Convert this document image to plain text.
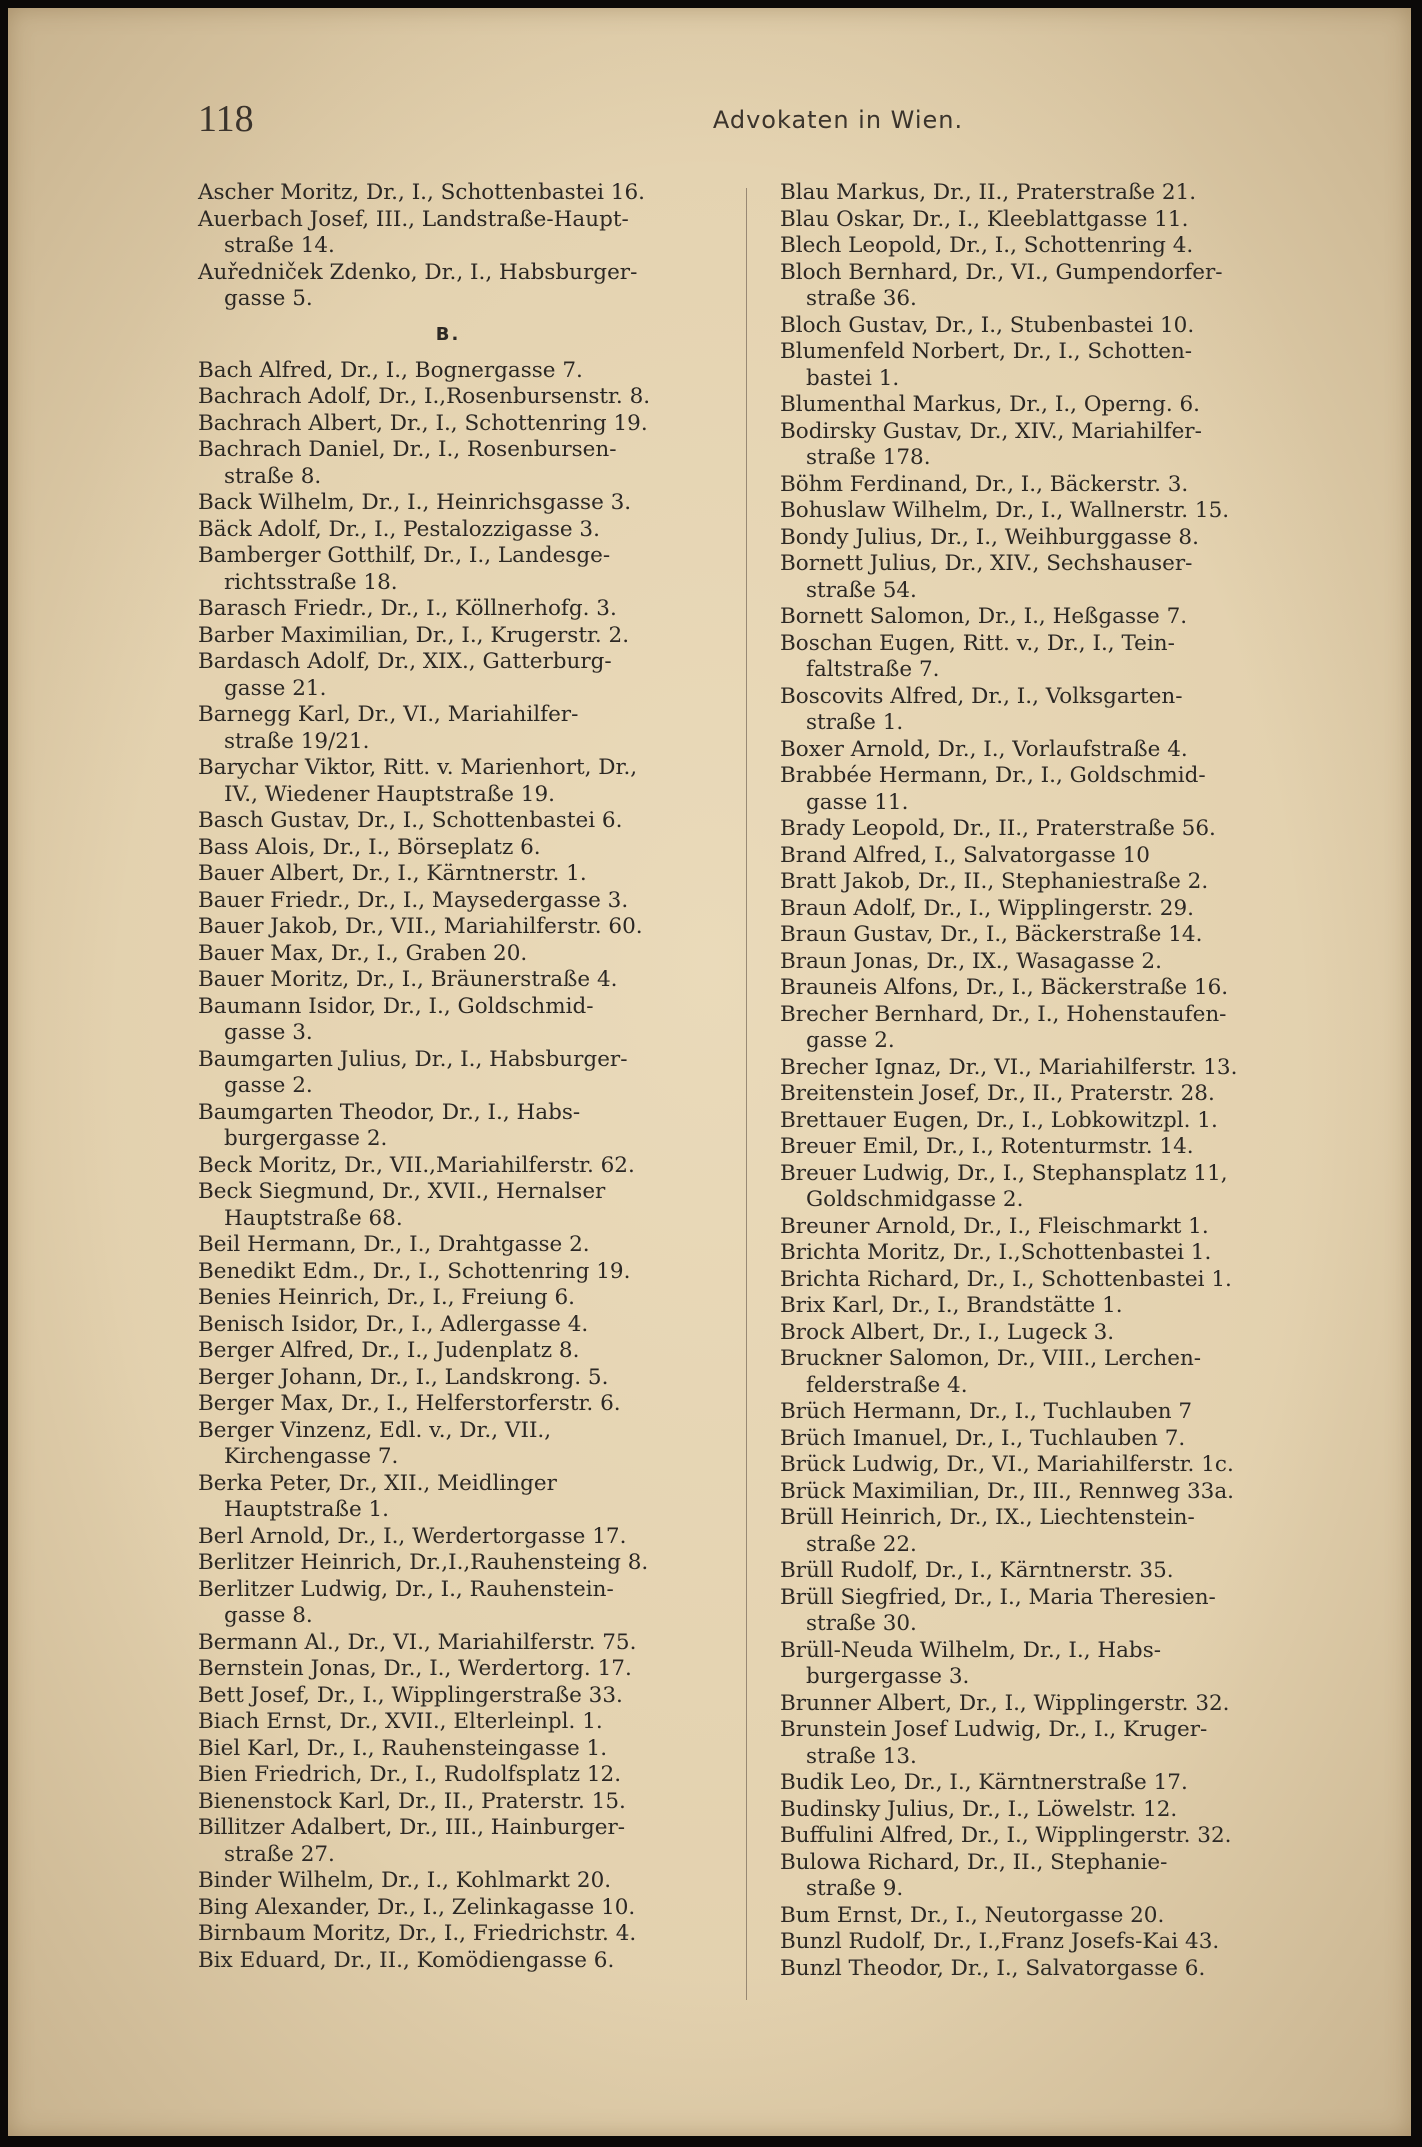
118	Advokaten in Wien.
Ascher Moritz, Dr., I., Schottenbastei 16.
Auerbach Josef, III., Landstraße-Haupt-
straße 14.
Auředniček Zdenko, Dr., I., Habsburger-
gasse 5.
B.
Bach Alfred, Dr., I., Bognergasse 7.
Bachrach Adolf, Dr., I.,Rosenbursenstr. 8.
Bachrach Albert, Dr., I., Schottenring 19.
Bachrach Daniel, Dr., I., Rosenbursen-
straße 8.
Back Wilhelm, Dr., I., Heinrichsgasse 3.
Bäck Adolf, Dr., I., Pestalozzigasse 3.
Bamberger Gotthilf, Dr., I., Landesge-
richtsstraße 18.
Barasch Friedr., Dr., I., Köllnerhofg. 3.
Barber Maximilian, Dr., I., Krugerstr. 2.
Bardasch Adolf, Dr., XIX., Gatterburg-
gasse 21.
Barnegg Karl, Dr., VI., Mariahilfer-
straße 19/21.
Barychar Viktor, Ritt. v. Marienhort, Dr.,
IV., Wiedener Hauptstraße 19.
Basch Gustav, Dr., I., Schottenbastei 6.
Bass Alois, Dr., I., Börseplatz 6.
Bauer Albert, Dr., I., Kärntnerstr. 1.
Bauer Friedr., Dr., I., Maysedergasse 3.
Bauer Jakob, Dr., VII., Mariahilferstr. 60.
Bauer Max, Dr., I., Graben 20.
Bauer Moritz, Dr., I., Bräunerstraße 4.
Baumann Isidor, Dr., I., Goldschmid-
gasse 3.
Baumgarten Julius, Dr., I., Habsburger-
gasse 2.
Baumgarten Theodor, Dr., I., Habs-
burgergasse 2.
Beck Moritz, Dr., VII.,Mariahilferstr. 62.
Beck Siegmund, Dr., XVII., Hernalser
Hauptstraße 68.
Beil Hermann, Dr., I., Drahtgasse 2.
Benedikt Edm., Dr., I., Schottenring 19.
Benies Heinrich, Dr., I., Freiung 6.
Benisch Isidor, Dr., I., Adlergasse 4.
Berger Alfred, Dr., I., Judenplatz 8.
Berger Johann, Dr., I., Landskrong. 5.
Berger Max, Dr., I., Helferstorferstr. 6.
Berger Vinzenz, Edl. v., Dr., VII.,
Kirchengasse 7.
Berka Peter, Dr., XII., Meidlinger
Hauptstraße 1.
Berl Arnold, Dr., I., Werdertorgasse 17.
Berlitzer Heinrich, Dr.,I.,Rauhensteing 8.
Berlitzer Ludwig, Dr., I., Rauhenstein-
gasse 8.
Bermann Al., Dr., VI., Mariahilferstr. 75.
Bernstein Jonas, Dr., I., Werdertorg. 17.
Bett Josef, Dr., I., Wipplingerstraße 33.
Biach Ernst, Dr., XVII., Elterleinpl. 1.
Biel Karl, Dr., I., Rauhensteingasse 1.
Bien Friedrich, Dr., I., Rudolfsplatz 12.
Bienenstock Karl, Dr., II., Praterstr. 15.
Billitzer Adalbert, Dr., III., Hainburger-
straße 27.
Binder Wilhelm, Dr., I., Kohlmarkt 20.
Bing Alexander, Dr., I., Zelinkagasse 10.
Birnbaum Moritz, Dr., I., Friedrichstr. 4.
Bix Eduard, Dr., II., Komödiengasse 6.
Blau Markus, Dr., II., Praterstraße 21.
Blau Oskar, Dr., I., Kleeblattgasse 11.
Blech Leopold, Dr., I., Schottenring 4.
Bloch Bernhard, Dr., VI., Gumpendorfer-
straße 36.
Bloch Gustav, Dr., I., Stubenbastei 10.
Blumenfeld Norbert, Dr., I., Schotten-
bastei 1.
Blumenthal Markus, Dr., I., Operng. 6.
Bodirsky Gustav, Dr., XIV., Mariahilfer-
straße 178.
Böhm Ferdinand, Dr., I., Bäckerstr. 3.
Bohuslaw Wilhelm, Dr., I., Wallnerstr. 15.
Bondy Julius, Dr., I., Weihburggasse 8.
Bornett Julius, Dr., XIV., Sechshauser-
straße 54.
Bornett Salomon, Dr., I., Heßgasse 7.
Boschan Eugen, Ritt. v., Dr., I., Tein-
faltstraße 7.
Boscovits Alfred, Dr., I., Volksgarten-
straße 1.
Boxer Arnold, Dr., I., Vorlaufstraße 4.
Brabbée Hermann, Dr., I., Goldschmid-
gasse 11.
Brady Leopold, Dr., II., Praterstraße 56.
Brand Alfred, I., Salvatorgasse 10
Bratt Jakob, Dr., II., Stephaniestraße 2.
Braun Adolf, Dr., I., Wipplingerstr. 29.
Braun Gustav, Dr., I., Bäckerstraße 14.
Braun Jonas, Dr., IX., Wasagasse 2.
Brauneis Alfons, Dr., I., Bäckerstraße 16.
Brecher Bernhard, Dr., I., Hohenstaufen-
gasse 2.
Brecher Ignaz, Dr., VI., Mariahilferstr. 13.
Breitenstein Josef, Dr., II., Praterstr. 28.
Brettauer Eugen, Dr., I., Lobkowitzpl. 1.
Breuer Emil, Dr., I., Rotenturmstr. 14.
Breuer Ludwig, Dr., I., Stephansplatz 11,
Goldschmidgasse 2.
Breuner Arnold, Dr., I., Fleischmarkt 1.
Brichta Moritz, Dr., I.,Schottenbastei 1.
Brichta Richard, Dr., I., Schottenbastei 1.
Brix Karl, Dr., I., Brandstätte 1.
Brock Albert, Dr., I., Lugeck 3.
Bruckner Salomon, Dr., VIII., Lerchen-
felderstraße 4.
Brüch Hermann, Dr., I., Tuchlauben 7
Brüch Imanuel, Dr., I., Tuchlauben 7.
Brück Ludwig, Dr., VI., Mariahilferstr. 1c.
Brück Maximilian, Dr., III., Rennweg 33a.
Brüll Heinrich, Dr., IX., Liechtenstein-
straße 22.
Brüll Rudolf, Dr., I., Kärntnerstr. 35.
Brüll Siegfried, Dr., I., Maria Theresien-
straße 30.
Brüll-Neuda Wilhelm, Dr., I., Habs-
burgergasse 3.
Brunner Albert, Dr., I., Wipplingerstr. 32.
Brunstein Josef Ludwig, Dr., I., Kruger-
straße 13.
Budik Leo, Dr., I., Kärntnerstraße 17.
Budinsky Julius, Dr., I., Löwelstr. 12.
Buffulini Alfred, Dr., I., Wipplingerstr. 32.
Bulowa Richard, Dr., II., Stephanie-
straße 9.
Bum Ernst, Dr., I., Neutorgasse 20.
Bunzl Rudolf, Dr., I.,Franz Josefs-Kai 43.
Bunzl Theodor, Dr., I., Salvatorgasse 6.
